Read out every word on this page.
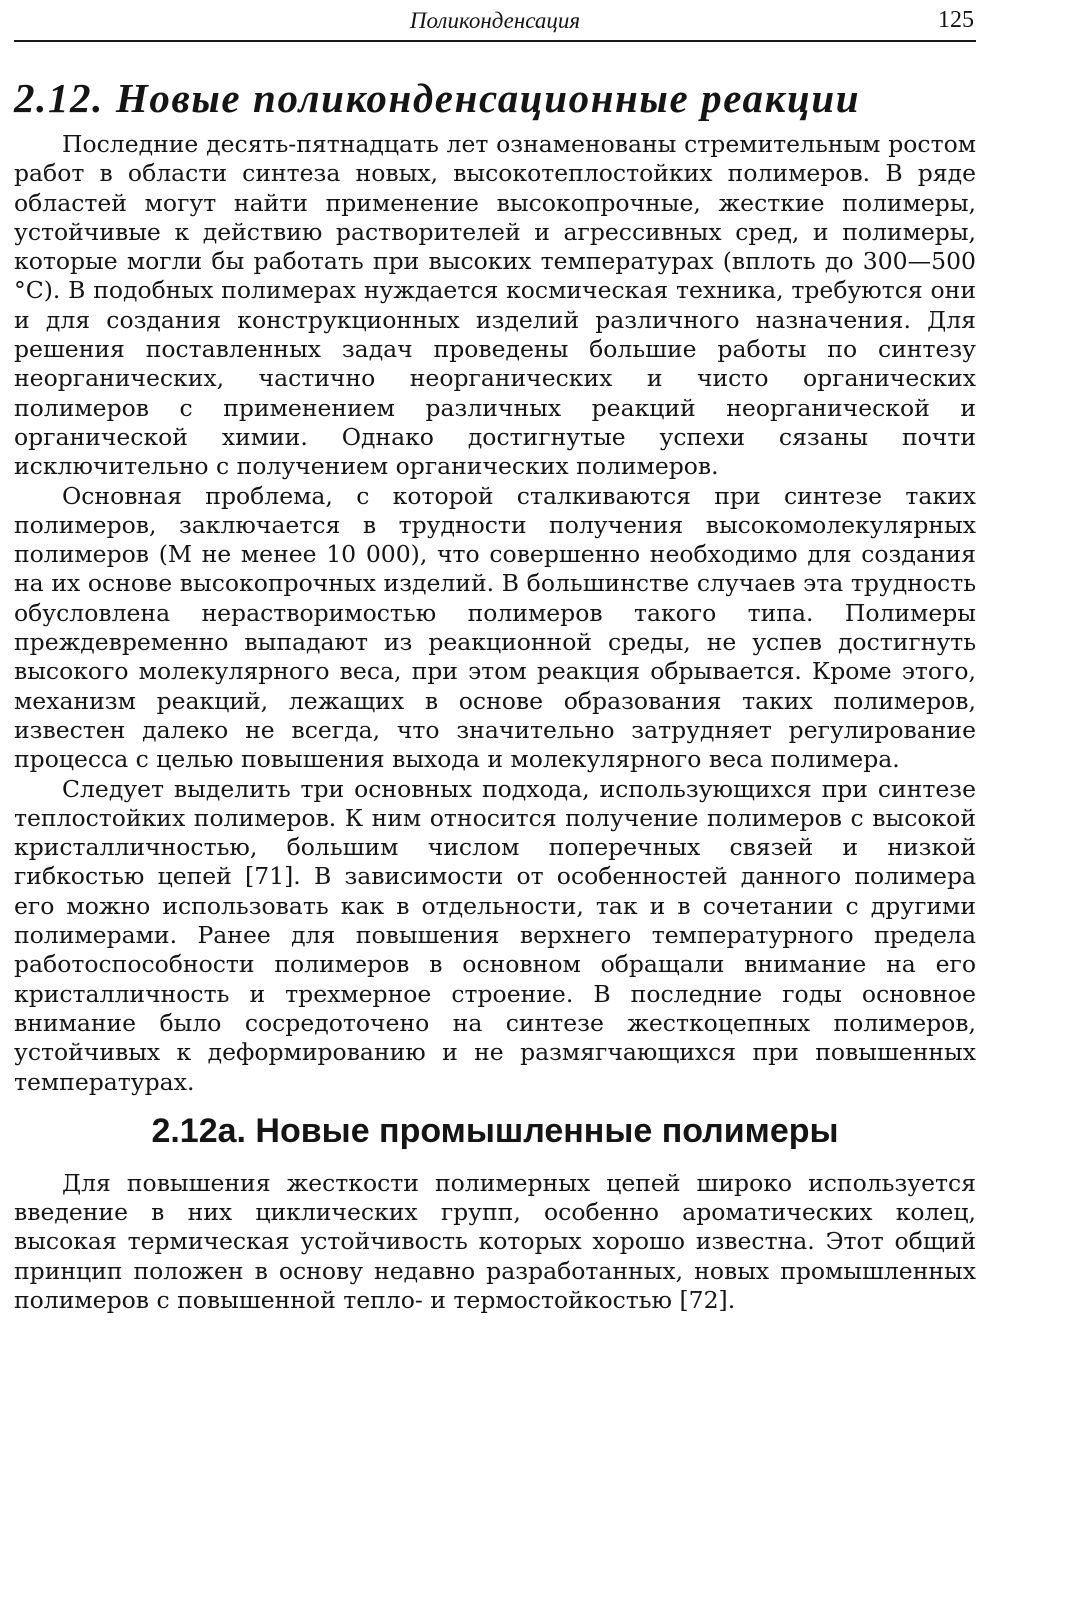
Поликонденсация	125
2.12. Новые поликонденсационные реакции

Последние десять-пятнадцать лет ознаменованы стремительным ростом работ в области синтеза новых, высокотеплостойких полимеров. В ряде областей могут найти применение высокопрочные, жесткие полимеры, устойчивые к действию растворителей и агрессивных сред, и полимеры, которые могли бы работать при высоких температурах (вплоть до 300—500 °С). В подобных полимерах нуждается космическая техника, требуются они и для создания конструкционных изделий различного назначения. Для решения поставленных задач проведены большие работы по синтезу неорганических, частично неорганических и чисто органических полимеров с применением различных реакций неорганической и органической химии. Однако достигнутые успехи сязаны почти исключительно с получением органических полимеров.

Основная проблема, с которой сталкиваются при синтезе таких полимеров, заключается в трудности получения высокомолекулярных полимеров (М не менее 10 000), что совершенно необходимо для создания на их основе высокопрочных изделий. В большинстве случаев эта трудность обусловлена нерастворимостью полимеров такого типа. Полимеры преждевременно выпадают из реакционной среды, не успев достигнуть высокого молекулярного веса, при этом реакция обрывается. Кроме этого, механизм реакций, лежащих в основе образования таких полимеров, известен далеко не всегда, что значительно затрудняет регулирование процесса с целью повышения выхода и молекулярного веса полимера.

Следует выделить три основных подхода, использующихся при синтезе теплостойких полимеров. К ним относится получение полимеров с высокой кристалличностью, большим числом поперечных связей и низкой гибкостью цепей [71]. В зависимости от особенностей данного полимера его можно использовать как в отдельности, так и в сочетании с другими полимерами. Ранее для повышения верхнего температурного предела работоспособности полимеров в основном обращали внимание на его кристалличность и трехмерное строение. В последние годы основное внимание было сосредоточено на синтезе жесткоцепных полимеров, устойчивых к деформированию и не размягчающихся при повышенных температурах.

2.12а. Новые промышленные полимеры

Для повышения жесткости полимерных цепей широко используется введение в них циклических групп, особенно ароматических колец, высокая термическая устойчивость которых хорошо известна. Этот общий принцип положен в основу недавно разработанных, новых промышленных полимеров с повышенной тепло- и термостойкостью [72].
